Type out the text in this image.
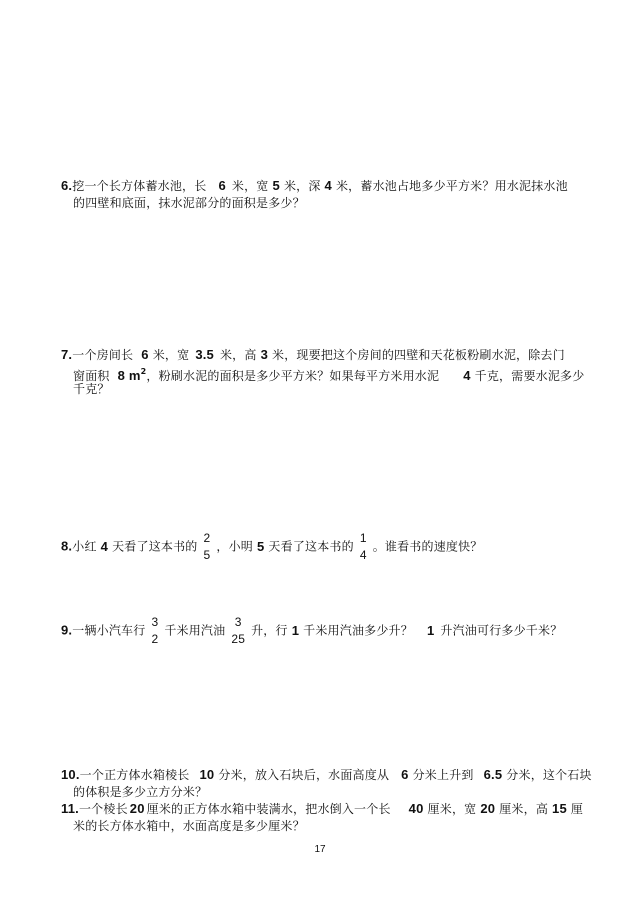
6.挖一个长方体蓄水池，长 6 米，宽 5 米，深 4 米，蓄水池占地多少平方米？用水泥抹水池
的四壁和底面，抹水泥部分的面积是多少？
7.一个房间长 6 米，宽 3.5 米，高 3 米，现要把这个房间的四壁和天花板粉刷水泥，除去门
窗面积 8 $m^2$，粉刷水泥的面积是多少平方米？如果每平方米用水泥 4 千克，需要水泥多少
千克？
8.小红 4 天看了这本书的
2
5
，小明 5 天看了这本书的
1
4
。谁看书的速度快？
9.一辆小汽车行
3
2
千米用汽油
3
25
升，行 1 千米用汽油多少升？ 1 升汽油可行多少千米？
10.一个正方体水箱棱长 10 分米，放入石块后，水面高度从 6 分米上升到 6.5 分米，这个石块
的体积是多少立方分米？
11.一个棱长 20 厘米的正方体水箱中装满水，把水倒入一个长 40 厘米，宽 20 厘米，高 15 厘
米的长方体水箱中，水面高度是多少厘米？
17
